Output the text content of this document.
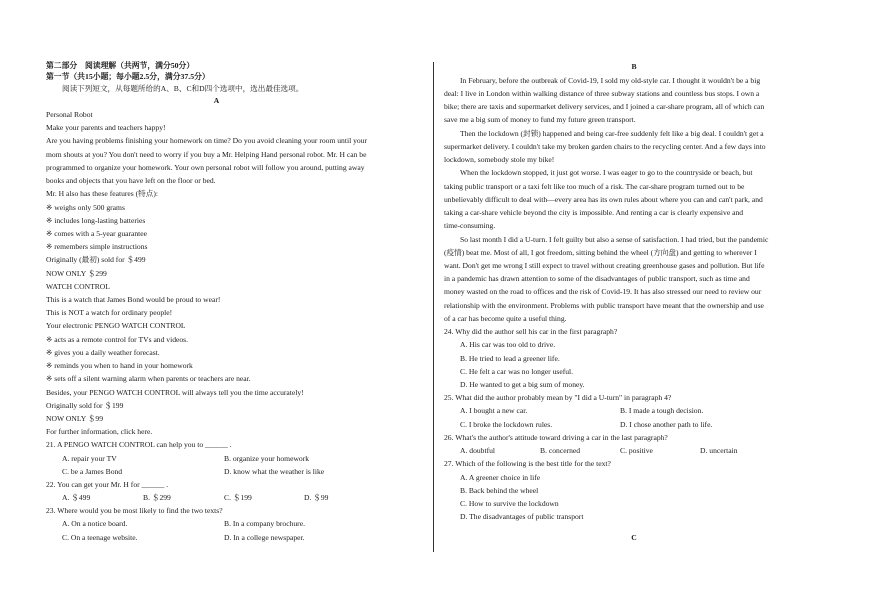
第二部分　阅读理解（共两节，满分50分）
第一节（共15小题；每小题2.5分，满分37.5分）
阅读下列短文，从每题所给的A、B、C和D四个选项中，选出最佳选项。
A
Personal Robot
Make your parents and teachers happy!
Are you having problems finishing your homework on time? Do you avoid cleaning your room until your
mom shouts at you? You don't need to worry if you buy a Mr. Helping Hand personal robot. Mr. H can be
programmed to organize your homework. Your own personal robot will follow you around, putting away
books and objects that you have left on the floor or bed.
Mr. H also has these features (特点):
※ weighs only 500 grams
※ includes long-lasting batteries
※ comes with a 5-year guarantee
※ remembers simple instructions
Originally (最初) sold for ＄499
NOW ONLY ＄299
WATCH CONTROL
This is a watch that James Bond would be proud to wear!
This is NOT a watch for ordinary people!
Your electronic PENGO WATCH CONTROL
※ acts as a remote control for TVs and videos.
※ gives you a daily weather forecast.
※ reminds you when to hand in your homework
※ sets off a silent warning alarm when parents or teachers are near.
Besides, your PENGO WATCH CONTROL will always tell you the time accurately!
Originally sold for ＄199
NOW ONLY ＄99
For further information, click here.
21. A PENGO WATCH CONTROL can help you to ______ .
A. repair your TV	B. organize your homework
C. be a James Bond	D. know what the weather is like
22. You can get your Mr. H for ______ .
A. ＄499	B. ＄299	C. ＄199	D. ＄99
23. Where would you be most likely to find the two texts?
A. On a notice board.	B. In a company brochure.
C. On a teenage website.	D. In a college newspaper.
B
In February, before the outbreak of Covid-19, I sold my old-style car. I thought it wouldn't be a big
deal: I live in London within walking distance of three subway stations and countless bus stops. I own a
bike; there are taxis and supermarket delivery services, and I joined a car-share program, all of which can
save me a big sum of money to fund my future green transport.
Then the lockdown (封锁) happened and being car-free suddenly felt like a big deal. I couldn't get a
supermarket delivery. I couldn't take my broken garden chairs to the recycling center. And a few days into
lockdown, somebody stole my bike!
When the lockdown stopped, it just got worse. I was eager to go to the countryside or beach, but
taking public transport or a taxi felt like too much of a risk. The car-share program turned out to be
unbelievably difficult to deal with—every area has its own rules about where you can and can't park, and
taking a car-share vehicle beyond the city is impossible. And renting a car is clearly expensive and
time-consuming.
So last month I did a U-turn. I felt guilty but also a sense of satisfaction. I had tried, but the pandemic
(疫情) beat me. Most of all, I got freedom, sitting behind the wheel (方向盘) and getting to wherever I
want. Don't get me wrong I still expect to travel without creating greenhouse gases and pollution. But life
in a pandemic has drawn attention to some of the disadvantages of public transport, such as time and
money wasted on the road to offices and the risk of Covid-19. It has also stressed our need to review our
relationship with the environment. Problems with public transport have meant that the ownership and use
of a car has become quite a useful thing.
24. Why did the author sell his car in the first paragraph?
A. His car was too old to drive.
B. He tried to lead a greener life.
C. He felt a car was no longer useful.
D. He wanted to get a big sum of money.
25. What did the author probably mean by "I did a U-turn" in paragraph 4?
A. I bought a new car.	B. I made a tough decision.
C. I broke the lockdown rules.	D. I chose another path to life.
26. What's the author's attitude toward driving a car in the last paragraph?
A. doubtful	B. concerned	C. positive	D. uncertain
27. Which of the following is the best title for the text?
A. A greener choice in life
B. Back behind the wheel
C. How to survive the lockdown
D. The disadvantages of public transport
C
